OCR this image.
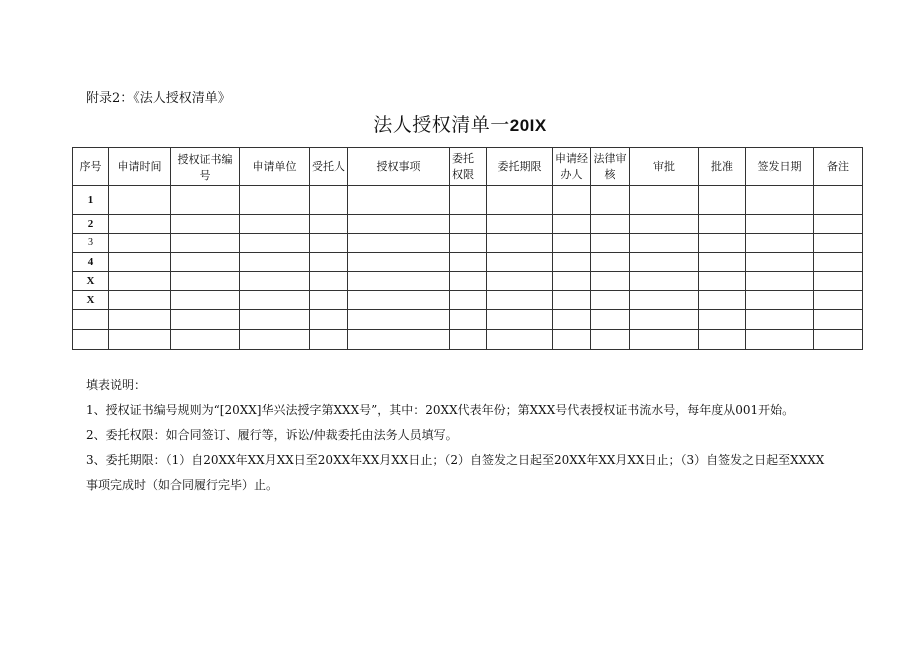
附录2：《法人授权清单》
法人授权清单一20IX
序号	申请时间	授权证书编号	申请单位	受托人	授权事项	委托权限	委托期限	申请经办人	法律审核	审批	批准	签发日期	备注
1													
2													
3													
4													
X													
X													

填表说明：

1、授权证书编号规则为“[20XX]华兴法授字第XXX号”，其中：20XX代表年份；第XXX号代表授权证书流水号，每年度从001开始。

2、委托权限：如合同签订、履行等，诉讼/仲裁委托由法务人员填写。

3、委托期限：（1）自20XX年XX月XX日至20XX年XX月XX日止；（2）自签发之日起至20XX年XX月XX日止；（3）自签发之日起至XXXX

事项完成时（如合同履行完毕）止。
